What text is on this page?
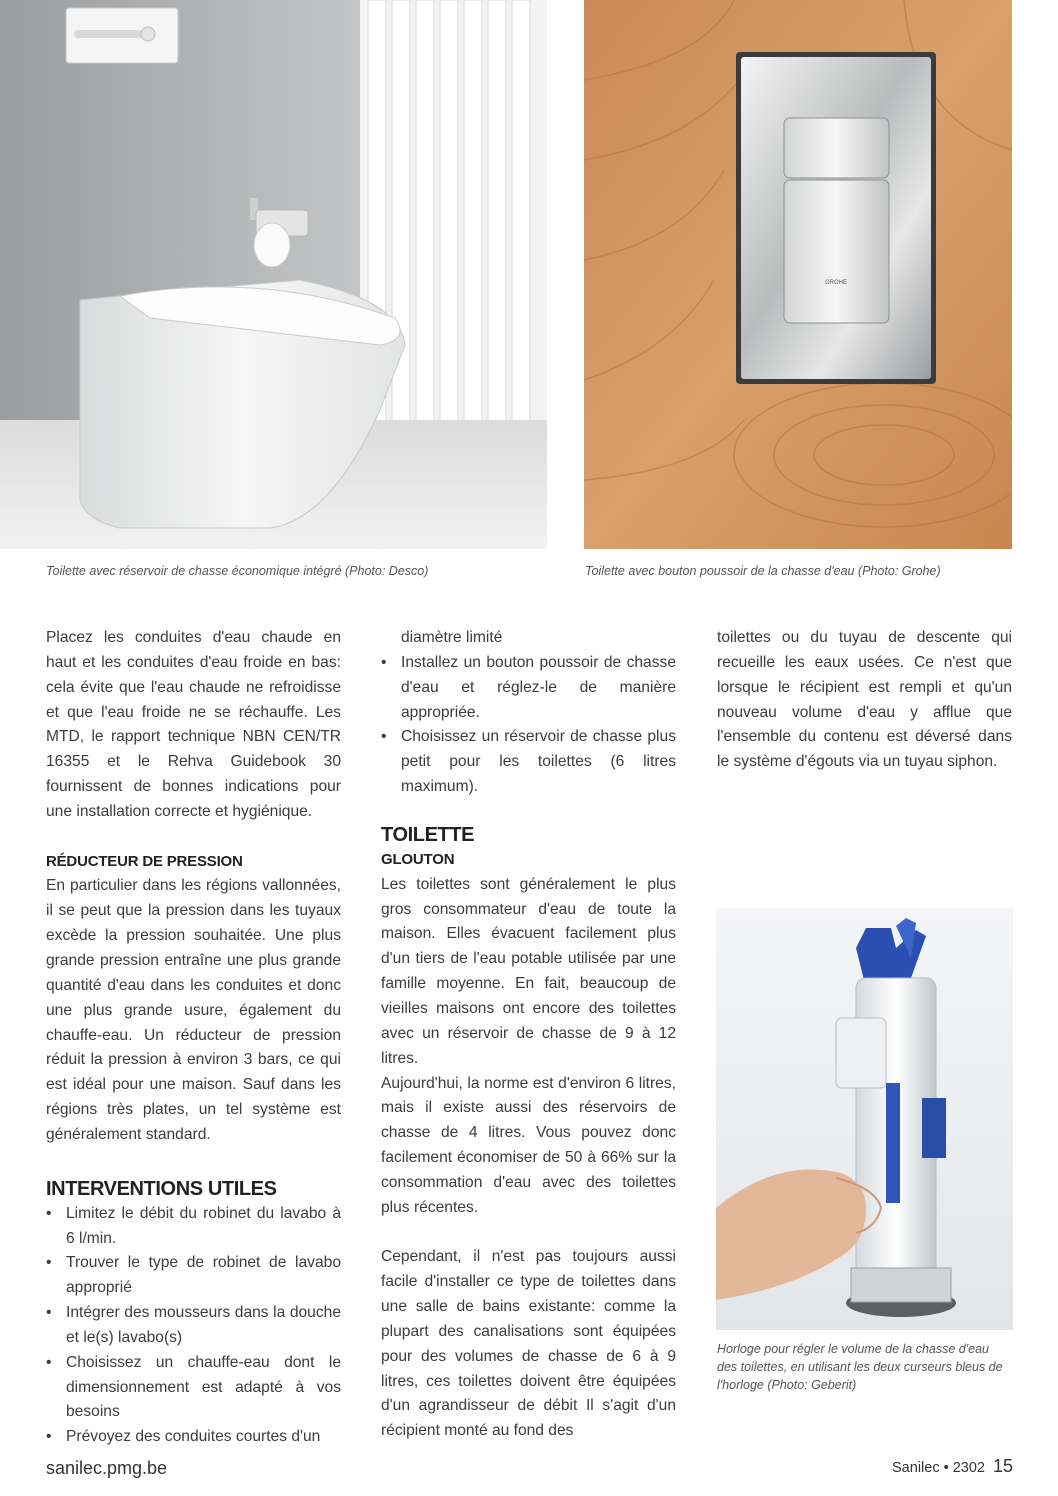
GROHE
Toilette avec réservoir de chasse économique intégré (Photo: Desco)	Toilette avec bouton poussoir de la chasse d'eau (Photo: Grohe)

Placez les conduites d'eau chaude en haut et les conduites d'eau froide en bas: cela évite que l'eau chaude ne refroidisse et que l'eau froide ne se réchauffe. Les MTD, le rapport technique NBN CEN/TR 16355 et le Rehva Guidebook 30 fournissent de bonnes indications pour une installation correcte et hygiénique.

RÉDUCTEUR DE PRESSION

En particulier dans les régions vallonnées, il se peut que la pression dans les tuyaux excède la pression souhaitée. Une plus grande pression entraîne une plus grande quantité d'eau dans les conduites et donc une plus grande usure, également du chauffe-eau. Un réducteur de pression réduit la pression à environ 3 bars, ce qui est idéal pour une maison. Sauf dans les régions très plates, un tel système est généralement standard.

INTERVENTIONS UTILES
• Limitez le débit du robinet du lavabo à 6 l/min.
• Trouver le type de robinet de lavabo approprié
• Intégrer des mousseurs dans la douche et le(s) lavabo(s)
• Choisissez un chauffe-eau dont le dimensionnement est adapté à vos besoins
• Prévoyez des conduites courtes d'un

diamètre limité

• Installez un bouton poussoir de chasse d'eau et réglez-le de manière appropriée.
• Choisissez un réservoir de chasse plus petit pour les toilettes (6 litres maximum).
TOILETTE
GLOUTON

Les toilettes sont généralement le plus gros consommateur d'eau de toute la maison. Elles évacuent facilement plus d'un tiers de l'eau potable utilisée par une famille moyenne. En fait, beaucoup de vieilles maisons ont encore des toilettes avec un réservoir de chasse de 9 à 12 litres.

Aujourd'hui, la norme est d'environ 6 litres, mais il existe aussi des réservoirs de chasse de 4 litres. Vous pouvez donc facilement économiser de 50 à 66% sur la consommation d'eau avec des toilettes plus récentes.

Cependant, il n'est pas toujours aussi facile d'installer ce type de toilettes dans une salle de bains existante: comme la plupart des canalisations sont équipées pour des volumes de chasse de 6 à 9 litres, ces toilettes doivent être équipées d'un agrandisseur de débit Il s'agit d'un récipient monté au fond des

toilettes ou du tuyau de descente qui recueille les eaux usées. Ce n'est que lorsque le récipient est rempli et qu'un nouveau volume d'eau y afflue que l'ensemble du contenu est déversé dans le système d'égouts via un tuyau siphon.

Horloge pour régler le volume de la chasse d'eau des toilettes, en utilisant les deux curseurs bleus de l'horloge (Photo: Geberit)
sanilec.pmg.be	Sanilec • 2302 15
